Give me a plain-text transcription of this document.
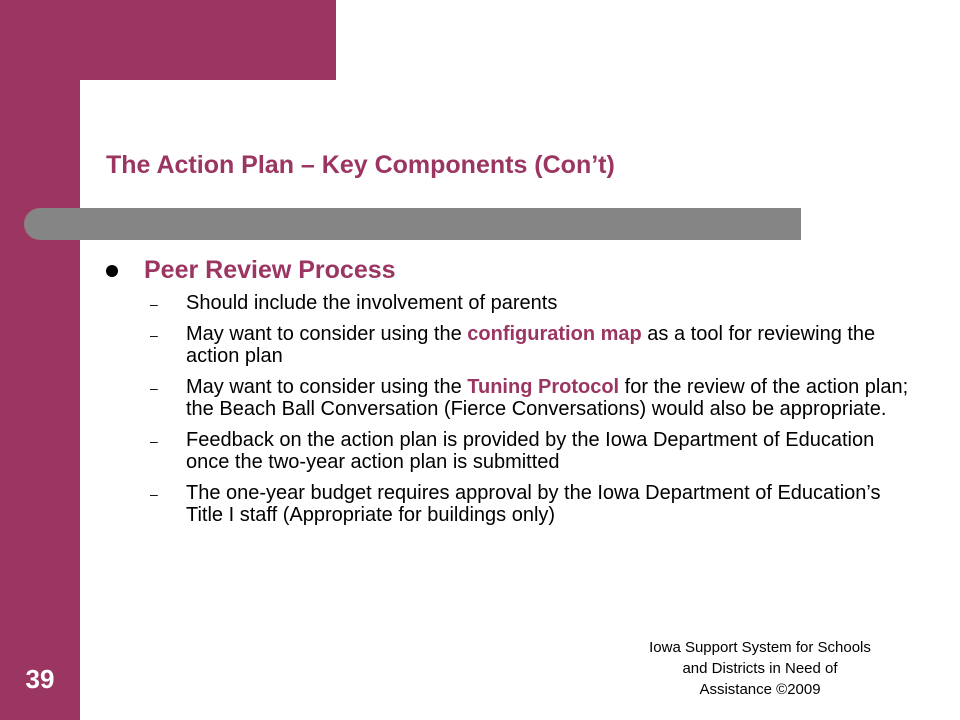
The Action Plan – Key Components (Con’t)
Peer Review Process
– Should include the involvement of parents
– May want to consider using the configuration map as a tool for reviewing the action plan
– May want to consider using the Tuning Protocol for the review of the action plan; the Beach Ball Conversation (Fierce Conversations) would also be appropriate.
– Feedback on the action plan is provided by the Iowa Department of Education once the two-year action plan is submitted
– The one-year budget requires approval by the Iowa Department of Education’s Title I staff (Appropriate for buildings only)
39
Iowa Support System for Schools
and Districts in Need of
Assistance ©2009
